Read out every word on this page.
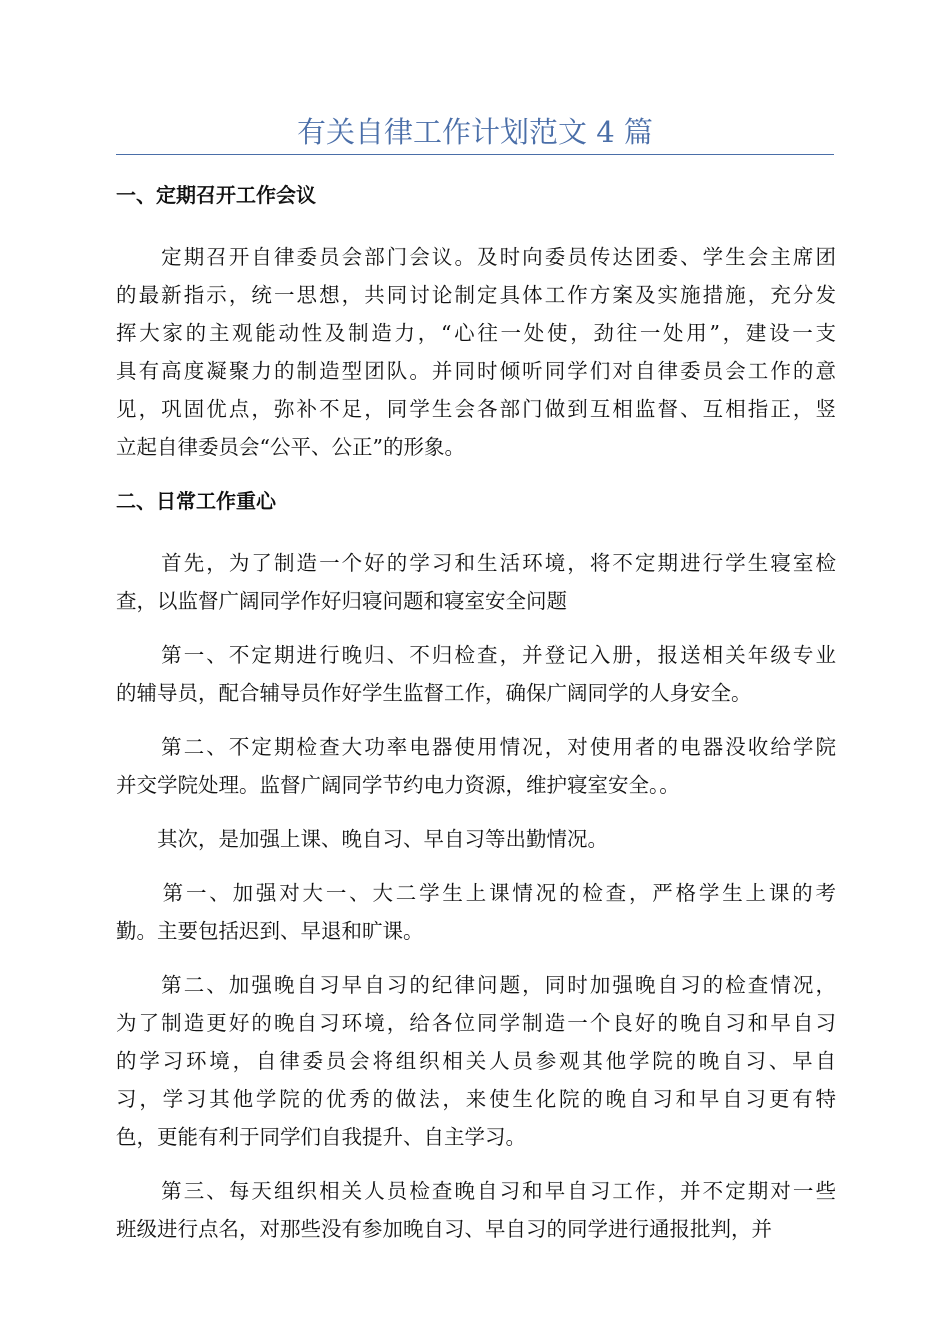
有关自律工作计划范文 4 篇
一、定期召开工作会议
　　定期召开自律委员会部门会议。及时向委员传达团委、学生会主席团
的最新指示，统一思想，共同讨论制定具体工作方案及实施措施，充分发
挥大家的主观能动性及制造力，“心往一处使，劲往一处用”，建设一支
具有高度凝聚力的制造型团队。并同时倾听同学们对自律委员会工作的意
见，巩固优点，弥补不足，同学生会各部门做到互相监督、互相指正，竖
立起自律委员会“公平、公正”的形象。
二、日常工作重心
　　首先，为了制造一个好的学习和生活环境，将不定期进行学生寝室检
查，以监督广阔同学作好归寝问题和寝室安全问题
　　第一、不定期进行晚归、不归检查，并登记入册，报送相关年级专业
的辅导员，配合辅导员作好学生监督工作，确保广阔同学的人身安全。
　　第二、不定期检查大功率电器使用情况，对使用者的电器没收给学院
并交学院处理。监督广阔同学节约电力资源，维护寝室安全。。
　　其次，是加强上课、晚自习、早自习等出勤情况。
　　第一、加强对大一、大二学生上课情况的检查，严格学生上课的考
勤。主要包括迟到、早退和旷课。
　　第二、加强晚自习早自习的纪律问题，同时加强晚自习的检查情况，
为了制造更好的晚自习环境，给各位同学制造一个良好的晚自习和早自习
的学习环境，自律委员会将组织相关人员参观其他学院的晚自习、早自
习，学习其他学院的优秀的做法，来使生化院的晚自习和早自习更有特
色，更能有利于同学们自我提升、自主学习。
　　第三、每天组织相关人员检查晚自习和早自习工作，并不定期对一些
班级进行点名，对那些没有参加晚自习、早自习的同学进行通报批判，并
